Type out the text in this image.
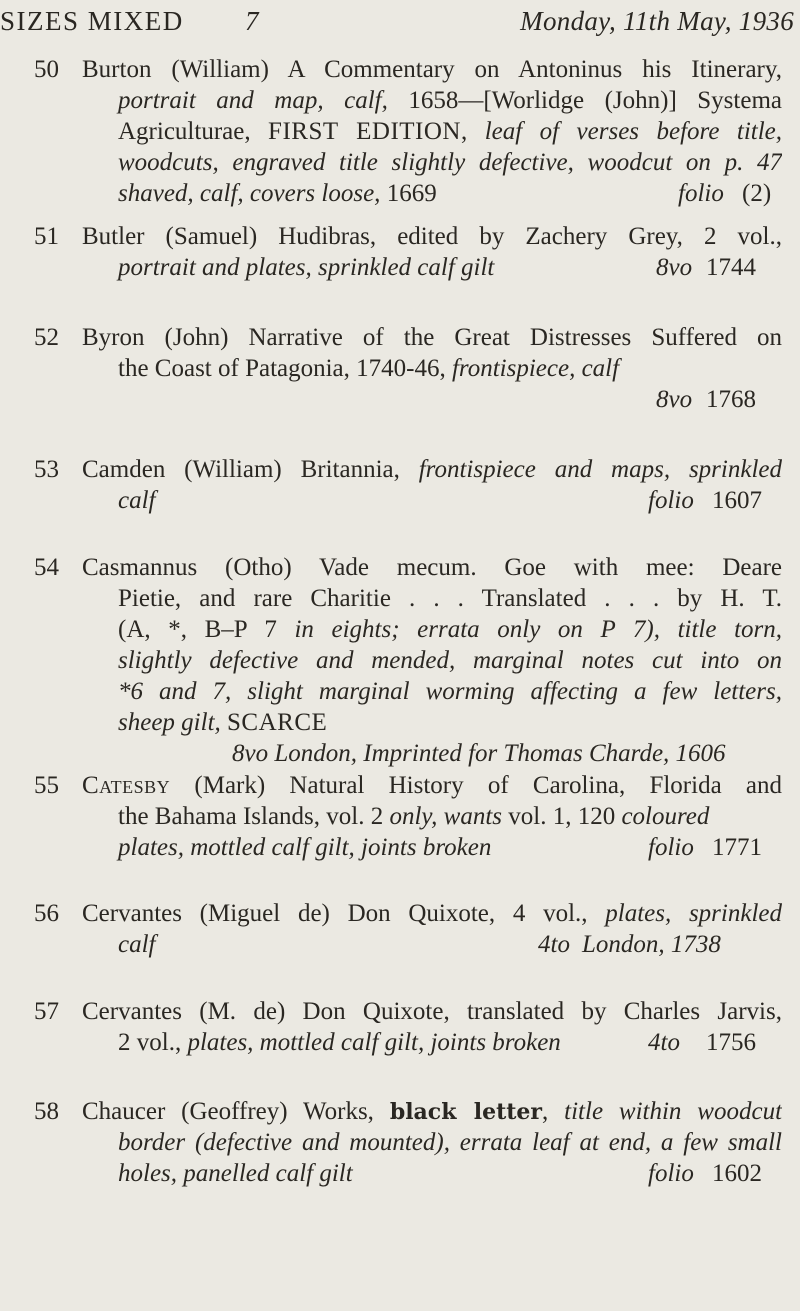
SIZES MIXED 7	Monday, 11th May, 1936
50 Burton (William) A Commentary on Antoninus his Itinerary,
portrait and map, calf, 1658—[Worlidge (John)] Systema
Agriculturae, FIRST EDITION, leaf of verses before title,
woodcuts, engraved title slightly defective, woodcut on p. 47
shaved, calf, covers loose, 1669	folio (2)
51 Butler (Samuel) Hudibras, edited by Zachery Grey, 2 vol.,
portrait and plates, sprinkled calf gilt	8vo 1744
52 Byron (John) Narrative of the Great Distresses Suffered on
the Coast of Patagonia, 1740-46, frontispiece, calf
8vo 1768
53 Camden (William) Britannia, frontispiece and maps, sprinkled
calf	folio 1607
54 Casmannus (Otho) Vade mecum. Goe with mee: Deare
Pietie, and rare Charitie . . . Translated . . . by H. T.
(A, *, B–P 7 in eights; errata only on P 7), title torn,
slightly defective and mended, marginal notes cut into on
*6 and 7, slight marginal worming affecting a few letters,
sheep gilt, SCARCE
8vo London, Imprinted for Thomas Charde, 1606
55 Catesby (Mark) Natural History of Carolina, Florida and
the Bahama Islands, vol. 2 only, wants vol. 1, 120 coloured
plates, mottled calf gilt, joints broken	folio 1771
56 Cervantes (Miguel de) Don Quixote, 4 vol., plates, sprinkled
calf	4to London, 1738
57 Cervantes (M. de) Don Quixote, translated by Charles Jarvis,
2 vol., plates, mottled calf gilt, joints broken	4to 1756
58 Chaucer (Geoffrey) Works, black letter, title within woodcut
border (defective and mounted), errata leaf at end, a few small
holes, panelled calf gilt	folio 1602
